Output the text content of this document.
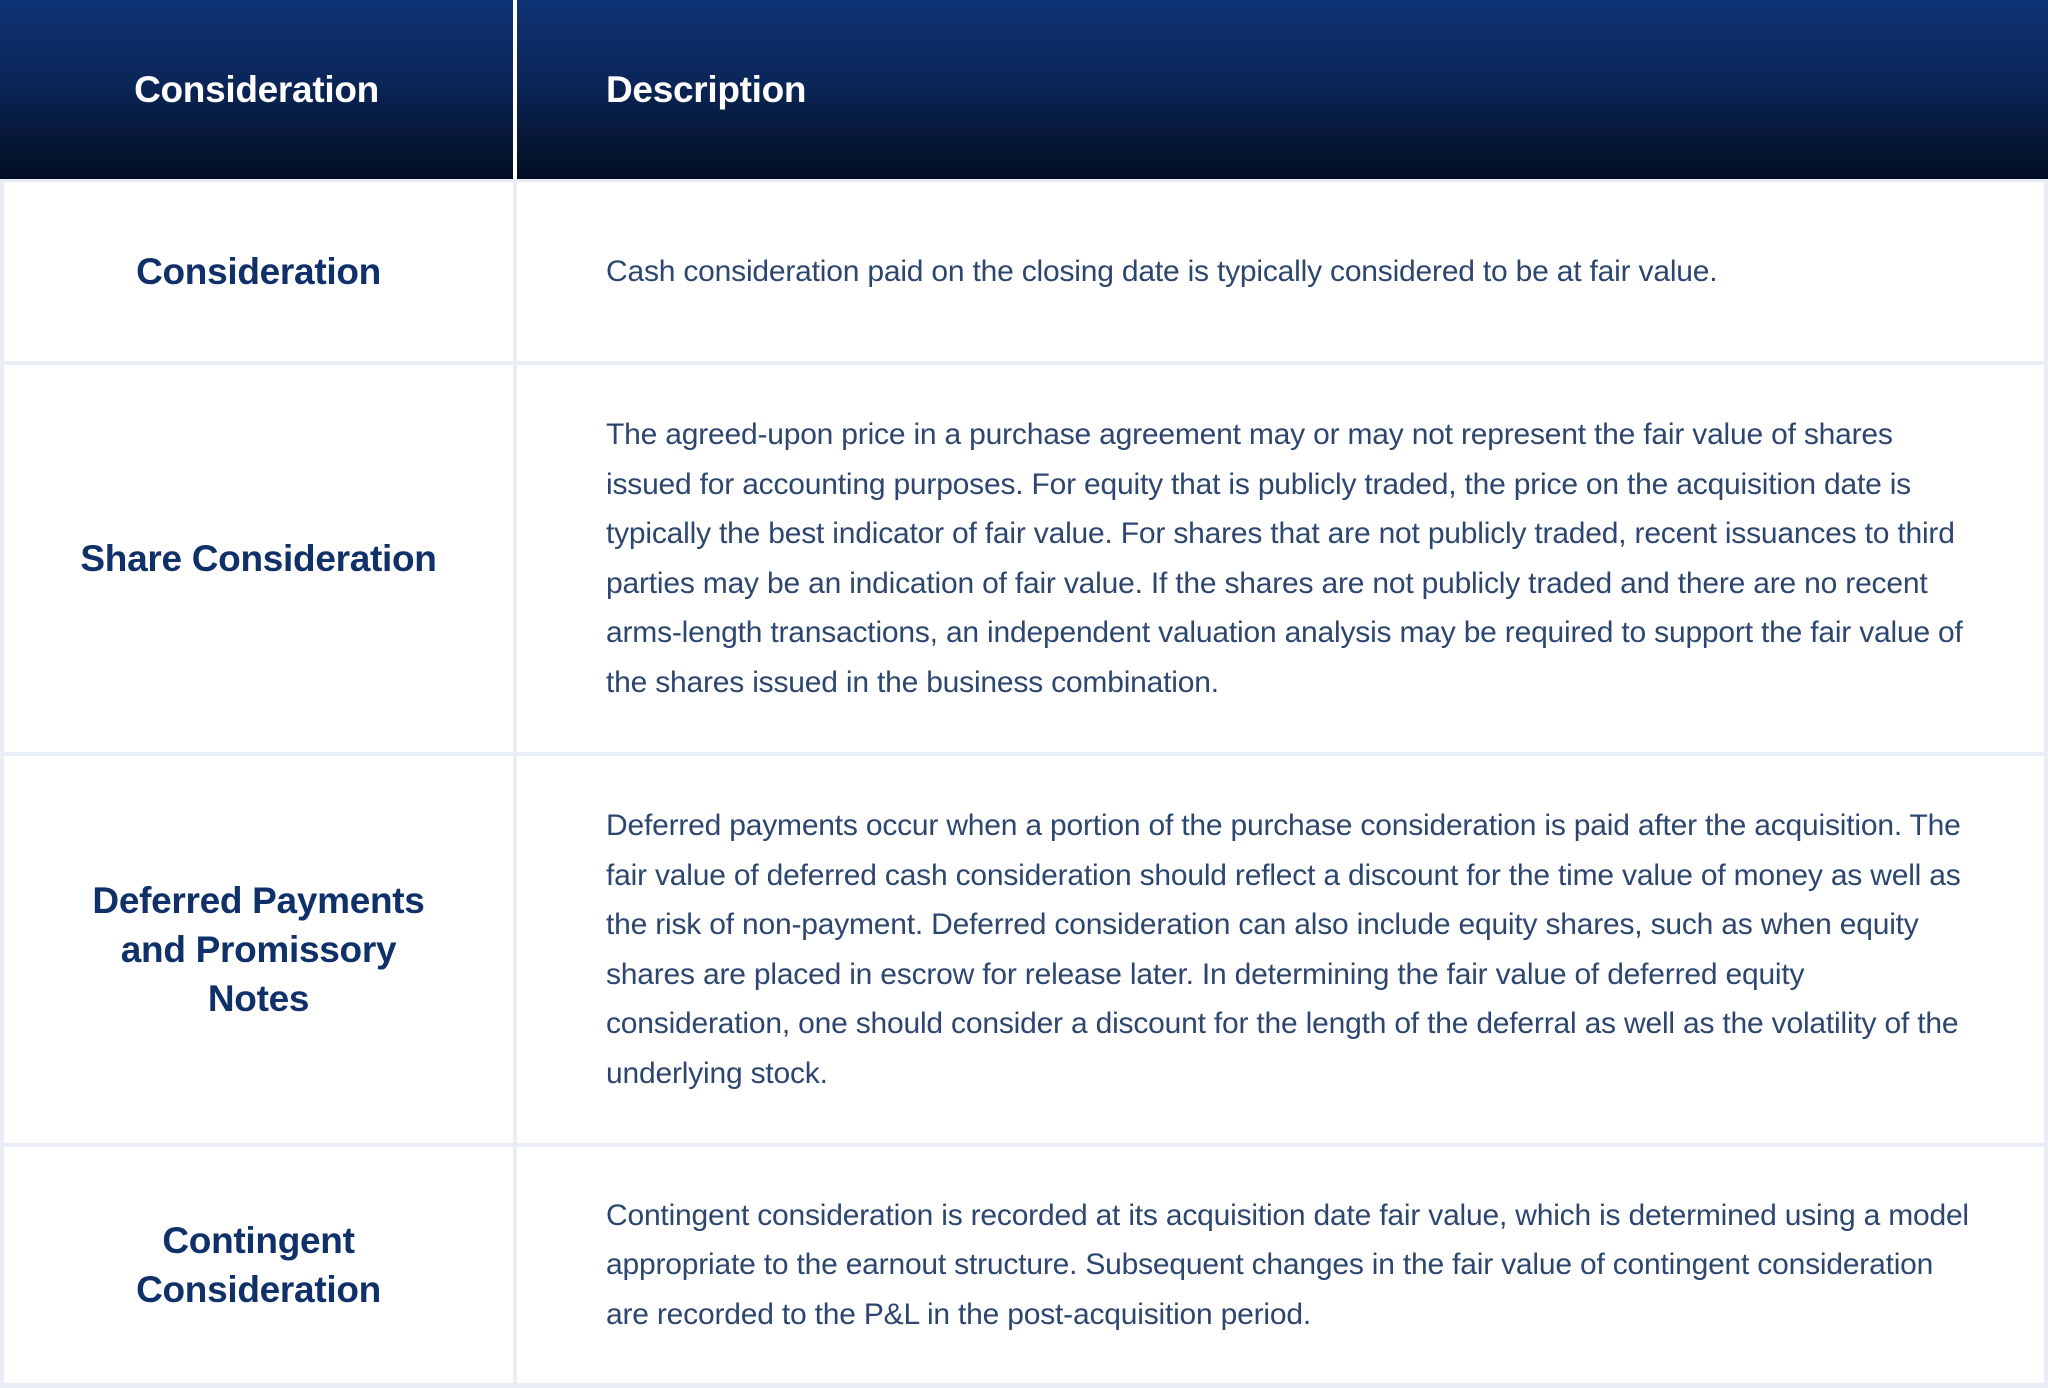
Consideration	Description
Consideration	Cash consideration paid on the closing date is typically considered to be at fair value.

Share Consideration

The agreed-upon price in a purchase agreement may or may not represent the fair value of shares issued for accounting purposes. For equity that is publicly traded, the price on the acquisition date is typically the best indicator of fair value. For shares that are not publicly traded, recent issuances to third parties may be an indication of fair value. If the shares are not publicly traded and there are no recent arms-length transactions, an independent valuation analysis may be required to support the fair value of the shares issued in the business combination.

Deferred Payments and Promissory Notes

Deferred payments occur when a portion of the purchase consideration is paid after the acquisition. The fair value of deferred cash consideration should reflect a discount for the time value of money as well as the risk of non-payment. Deferred consideration can also include equity shares, such as when equity shares are placed in escrow for release later. In determining the fair value of deferred equity consideration, one should consider a discount for the length of the deferral as well as the volatility of the underlying stock.

Contingent Consideration

Contingent consideration is recorded at its acquisition date fair value, which is determined using a model appropriate to the earnout structure. Subsequent changes in the fair value of contingent consideration are recorded to the P&L in the post-acquisition period.
